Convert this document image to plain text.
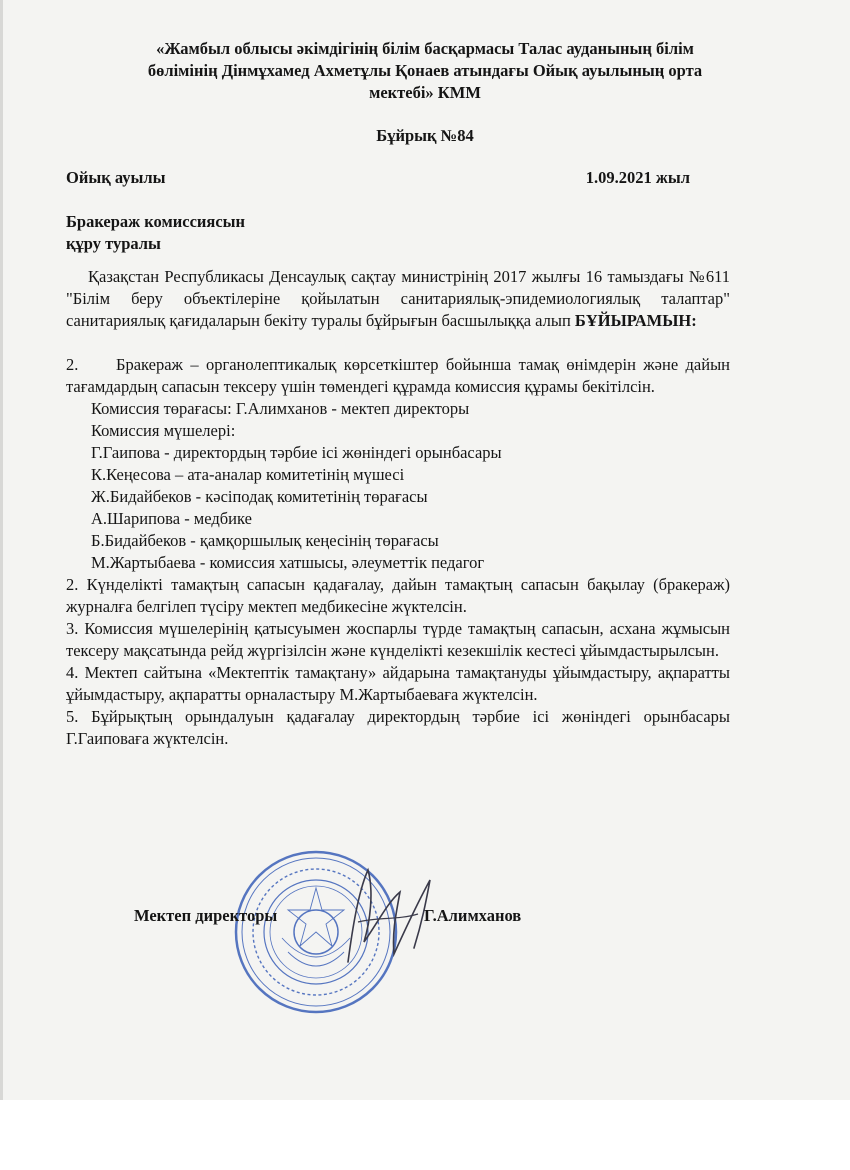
«Жамбыл облысы әкімдігінің білім басқармасы Талас ауданының білім
бөлімінің Дінмұхамед Ахметұлы Қонаев атындағы Ойық ауылының орта
мектебі» КММ
Бұйрық №84
Ойық ауылы	1.09.2021 жыл
Бракераж комиссиясын
құру туралы

Қазақстан Республикасы Денсаулық сақтау министрінің 2017 жылғы 16 тамыздағы №611 "Білім беру объектілеріне қойылатын санитариялық-эпидемиологиялық талаптар" санитариялық қағидаларын бекіту туралы бұйрығын басшылыққа алып БҰЙЫРАМЫН:

2. Бракераж – органолептикалық көрсеткіштер бойынша тамақ өнімдерін және дайын тағамдардың сапасын тексеру үшін төмендегі құрамда комиссия құрамы бекітілсін.

Комиссия төрағасы: Г.Алимханов - мектеп директоры

Комиссия мүшелері:

Г.Гаипова - директордың тәрбие ісі жөніндегі орынбасары

К.Кеңесова – ата-аналар комитетінің мүшесі

Ж.Бидайбеков - кәсіподақ комитетінің төрағасы

А.Шарипова - медбике

Б.Бидайбеков - қамқоршылық кеңесінің төрағасы

М.Жартыбаева - комиссия хатшысы, әлеуметтік педагог

2. Күнделікті тамақтың сапасын қадағалау, дайын тамақтың сапасын бақылау (бракераж) журналға белгілеп түсіру мектеп медбикесіне жүктелсін.

3. Комиссия мүшелерінің қатысуымен жоспарлы түрде тамақтың сапасын, асхана жұмысын тексеру мақсатында рейд жүргізілсін және күнделікті кезекшілік кестесі ұйымдастырылсын.

4. Мектеп сайтына «Мектептік тамақтану» айдарына тамақтануды ұйымдастыру, ақпаратты ұйымдастыру, ақпаратты орналастыру М.Жартыбаеваға жүктелсін.

5. Бұйрықтың орындалуын қадағалау директордың тәрбие ісі жөніндегі орынбасары Г.Гаиповаға жүктелсін.

Мектеп директоры	Г.Алимханов
